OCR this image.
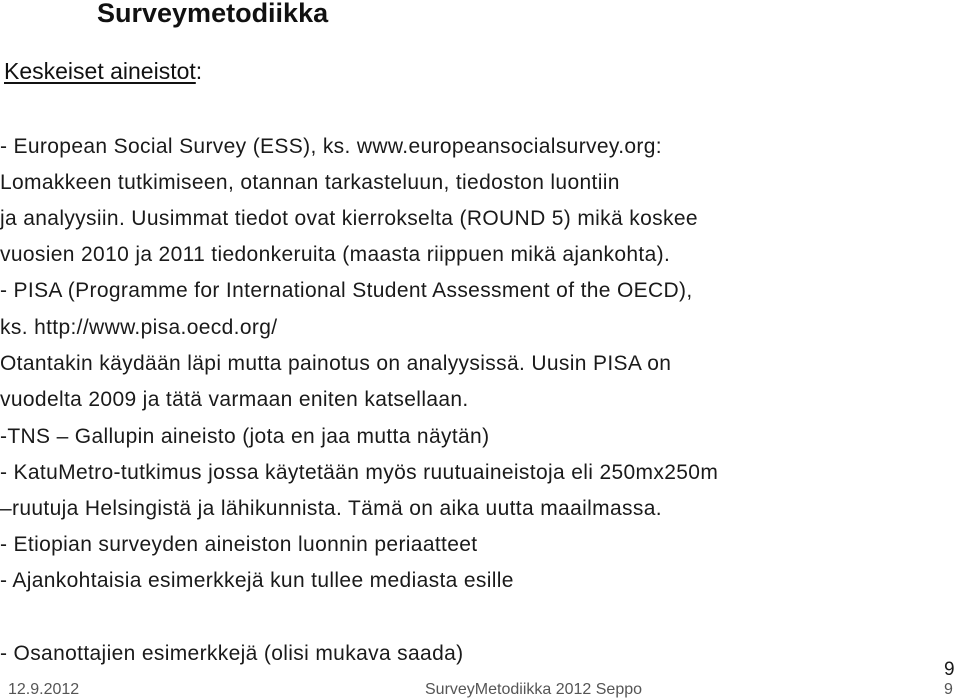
Surveymetodiikka
Keskeiset aineistot:
- European Social Survey (ESS), ks. www.europeansocialsurvey.org:
Lomakkeen tutkimiseen, otannan tarkasteluun, tiedoston luontiin
ja analyysiin. Uusimmat tiedot ovat kierrokselta (ROUND 5) mikä koskee
vuosien 2010 ja 2011 tiedonkeruita (maasta riippuen mikä ajankohta).
- PISA (Programme for International Student Assessment of the OECD),
ks. http://www.pisa.oecd.org/
Otantakin käydään läpi mutta painotus on analyysissä. Uusin PISA on
vuodelta 2009 ja tätä varmaan eniten katsellaan.
-TNS – Gallupin aineisto (jota en jaa mutta näytän)
- KatuMetro-tutkimus jossa käytetään myös ruutuaineistoja eli 250mx250m
–ruutuja Helsingistä ja lähikunnista. Tämä on aika uutta maailmassa.
- Etiopian surveyden aineiston luonnin periaatteet
- Ajankohtaisia esimerkkejä kun tullee mediasta esille
- Osanottajien esimerkkejä (olisi mukava saada)
9
12.9.2012	SurveyMetodiikka 2012 Seppo	9
